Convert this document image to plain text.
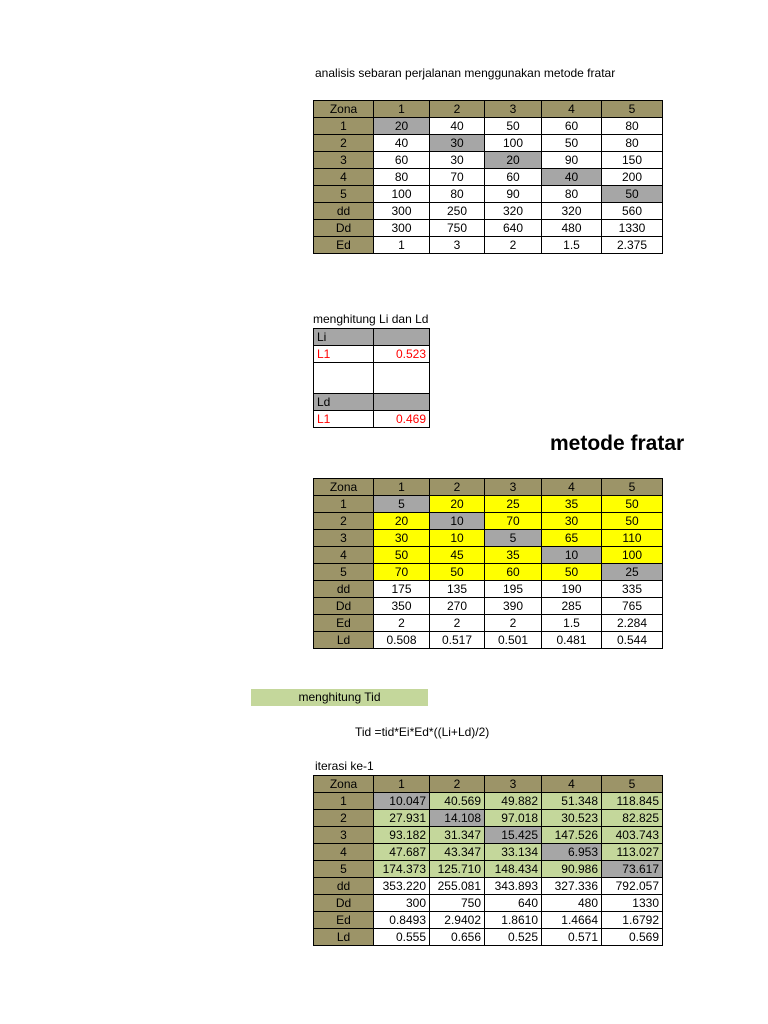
analisis sebaran perjalanan menggunakan metode fratar
Zona	1	2	3	4	5
1	20	40	50	60	80
2	40	30	100	50	80
3	60	30	20	90	150
4	80	70	60	40	200
5	100	80	90	80	50
dd	300	250	320	320	560
Dd	300	750	640	480	1330
Ed	1	3	2	1.5	2.375
menghitung Li dan Ld
Li	
L1	0.523

Ld	
L1	0.469
metode fratar
Zona	1	2	3	4	5
1	5	20	25	35	50
2	20	10	70	30	50
3	30	10	5	65	110
4	50	45	35	10	100
5	70	50	60	50	25
dd	175	135	195	190	335
Dd	350	270	390	285	765
Ed	2	2	2	1.5	2.284
Ld	0.508	0.517	0.501	0.481	0.544
menghitung Tid
Tid =tid*Ei*Ed*((Li+Ld)/2)
iterasi ke-1
Zona	1	2	3	4	5
1	10.047	40.569	49.882	51.348	118.845
2	27.931	14.108	97.018	30.523	82.825
3	93.182	31.347	15.425	147.526	403.743
4	47.687	43.347	33.134	6.953	113.027
5	174.373	125.710	148.434	90.986	73.617
dd	353.220	255.081	343.893	327.336	792.057
Dd	300	750	640	480	1330
Ed	0.8493	2.9402	1.8610	1.4664	1.6792
Ld	0.555	0.656	0.525	0.571	0.569
